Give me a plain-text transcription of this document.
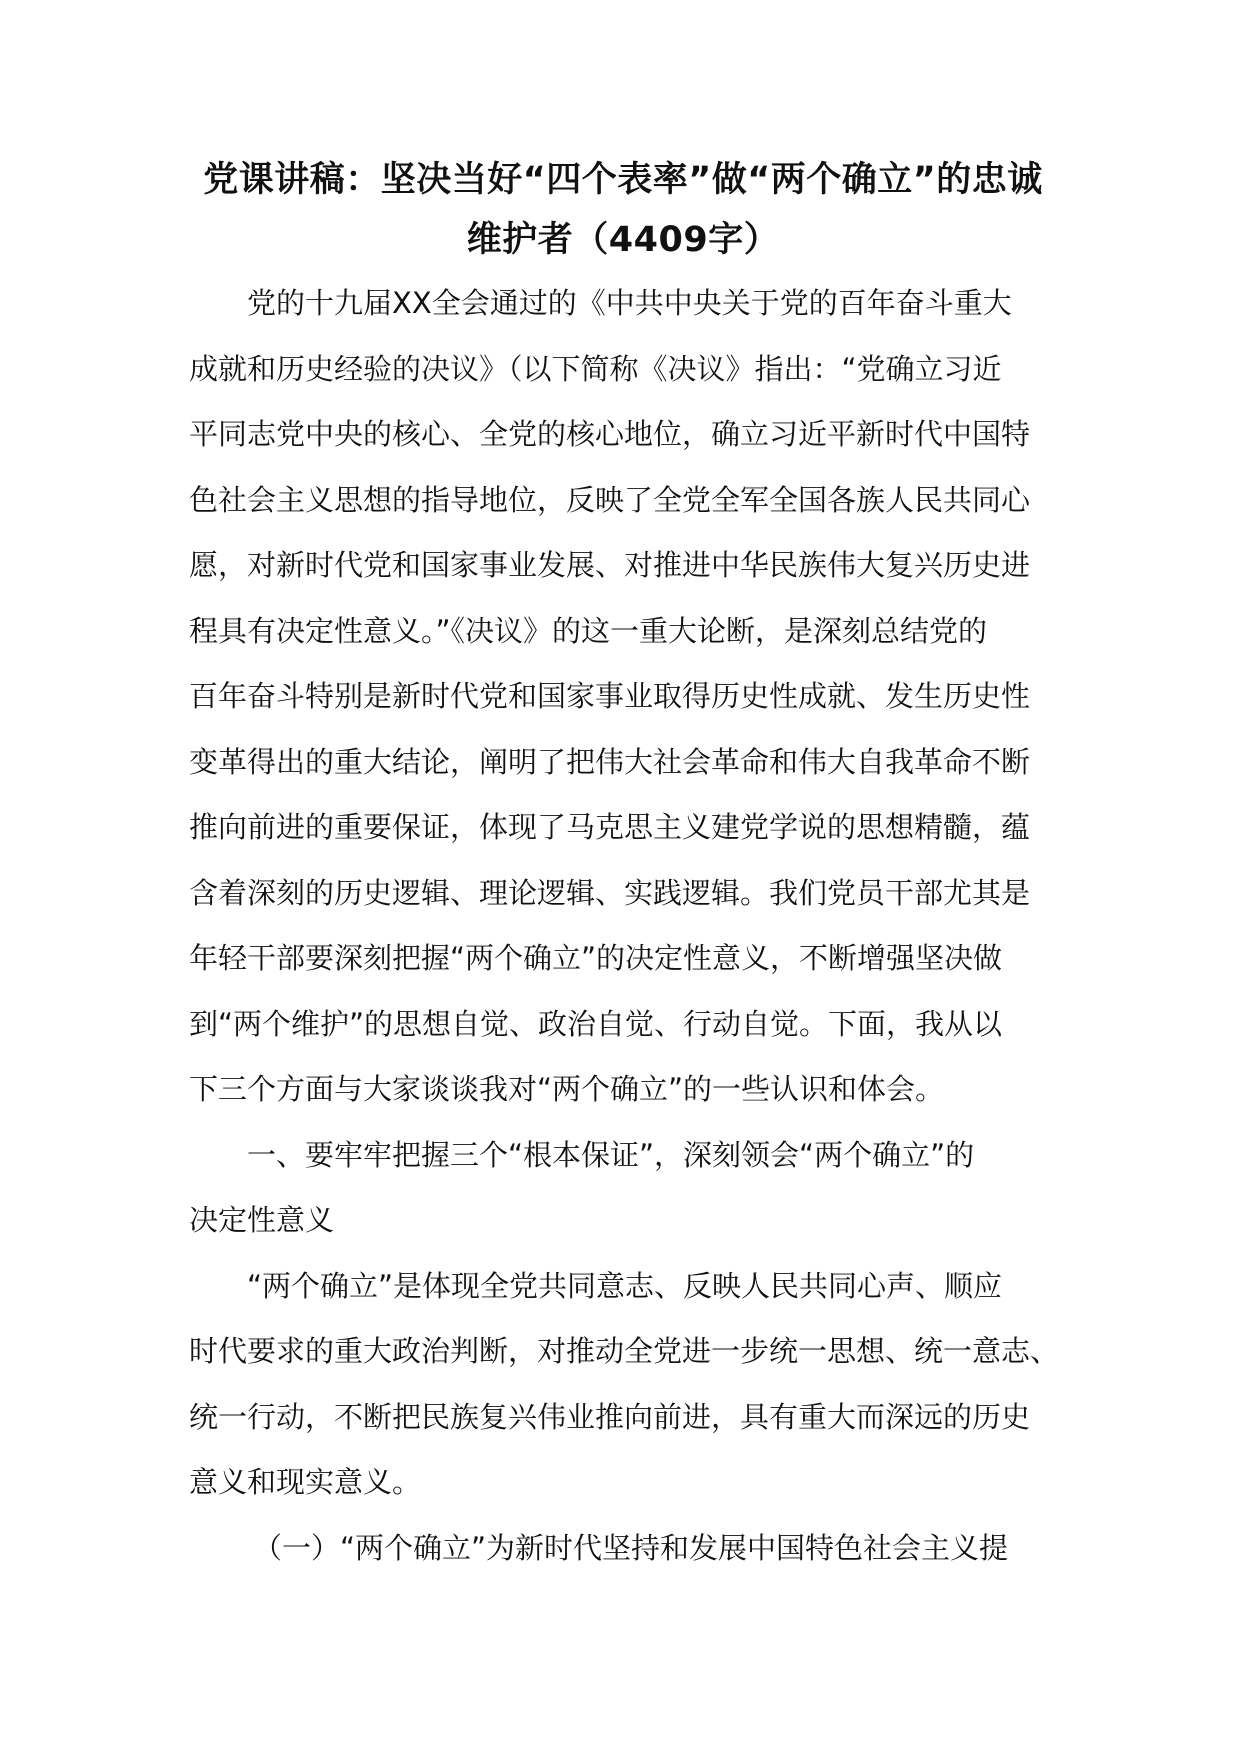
党课讲稿：坚决当好“四个表率”做“两个确立”的忠诚
维护者（4409字）
党的十九届XX全会通过的《中共中央关于党的百年奋斗重大
成就和历史经验的决议》（以下简称《决议》指出：“党确立习近
平同志党中央的核心、全党的核心地位，确立习近平新时代中国特
色社会主义思想的指导地位，反映了全党全军全国各族人民共同心
愿，对新时代党和国家事业发展、对推进中华民族伟大复兴历史进
程具有决定性意义。”《决议》的这一重大论断，是深刻总结党的
百年奋斗特别是新时代党和国家事业取得历史性成就、发生历史性
变革得出的重大结论，阐明了把伟大社会革命和伟大自我革命不断
推向前进的重要保证，体现了马克思主义建党学说的思想精髓，蕴
含着深刻的历史逻辑、理论逻辑、实践逻辑。我们党员干部尤其是
年轻干部要深刻把握“两个确立”的决定性意义，不断增强坚决做
到“两个维护”的思想自觉、政治自觉、行动自觉。下面，我从以
下三个方面与大家谈谈我对“两个确立”的一些认识和体会。
一、要牢牢把握三个“根本保证”，深刻领会“两个确立”的
决定性意义
“两个确立”是体现全党共同意志、反映人民共同心声、顺应
时代要求的重大政治判断，对推动全党进一步统一思想、统一意志、
统一行动，不断把民族复兴伟业推向前进，具有重大而深远的历史
意义和现实意义。
（一）“两个确立”为新时代坚持和发展中国特色社会主义提
